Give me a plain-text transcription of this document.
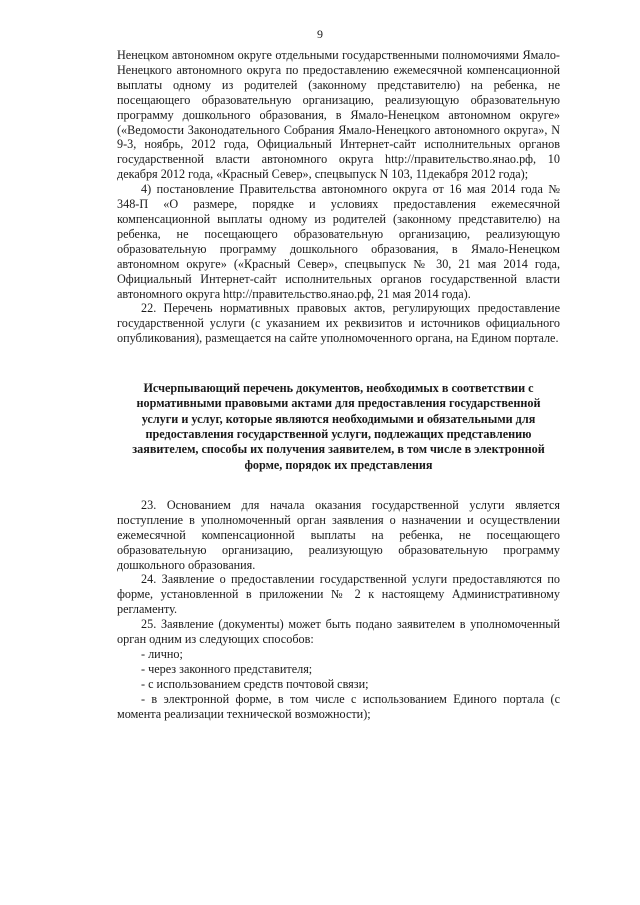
9

Ненецком автономном округе отдельными государственными полномочиями Ямало-Ненецкого автономного округа по предоставлению ежемесячной компенсационной выплаты одному из родителей (законному представителю) на ребенка, не посещающего образовательную организацию, реализующую образовательную программу дошкольного образования, в Ямало-Ненецком автономном округе» («Ведомости Законодательного Собрания Ямало-Ненецкого автономного округа», N 9-3, ноябрь, 2012 года, Официальный Интернет-сайт исполнительных органов государственной власти автономного округа http://правительство.янао.рф, 10 декабря 2012 года, «Красный Север», спецвыпуск N 103, 11декабря 2012 года);

4) постановление Правительства автономного округа от 16 мая 2014 года № 348-П «О размере, порядке и условиях предоставления ежемесячной компенсационной выплаты одному из родителей (законному представителю) на ребенка, не посещающего образовательную организацию, реализующую образовательную программу дошкольного образования, в Ямало-Ненецком автономном округе» («Красный Север», спецвыпуск № 30, 21 мая 2014 года, Официальный Интернет-сайт исполнительных органов государственной власти автономного округа http://правительство.янао.рф, 21 мая 2014 года).

22. Перечень нормативных правовых актов, регулирующих предоставление государственной услуги (с указанием их реквизитов и источников официального опубликования), размещается на сайте уполномоченного органа, на Едином портале.

Исчерпывающий перечень документов, необходимых в соответствии с нормативными правовыми актами для предоставления государственной услуги и услуг, которые являются необходимыми и обязательными для предоставления государственной услуги, подлежащих представлению заявителем, способы их получения заявителем, в том числе в электронной форме, порядок их представления

23. Основанием для начала оказания государственной услуги является поступление в уполномоченный орган заявления о назначении и осуществлении ежемесячной компенсационной выплаты на ребенка, не посещающего образовательную организацию, реализующую образовательную программу дошкольного образования.

24. Заявление о предоставлении государственной услуги предоставляются по форме, установленной в приложении № 2 к настоящему Административному регламенту.

25. Заявление (документы) может быть подано заявителем в уполномоченный орган одним из следующих способов:

- лично;

- через законного представителя;

- с использованием средств почтовой связи;

- в электронной форме, в том числе с использованием Единого портала (с момента реализации технической возможности);
